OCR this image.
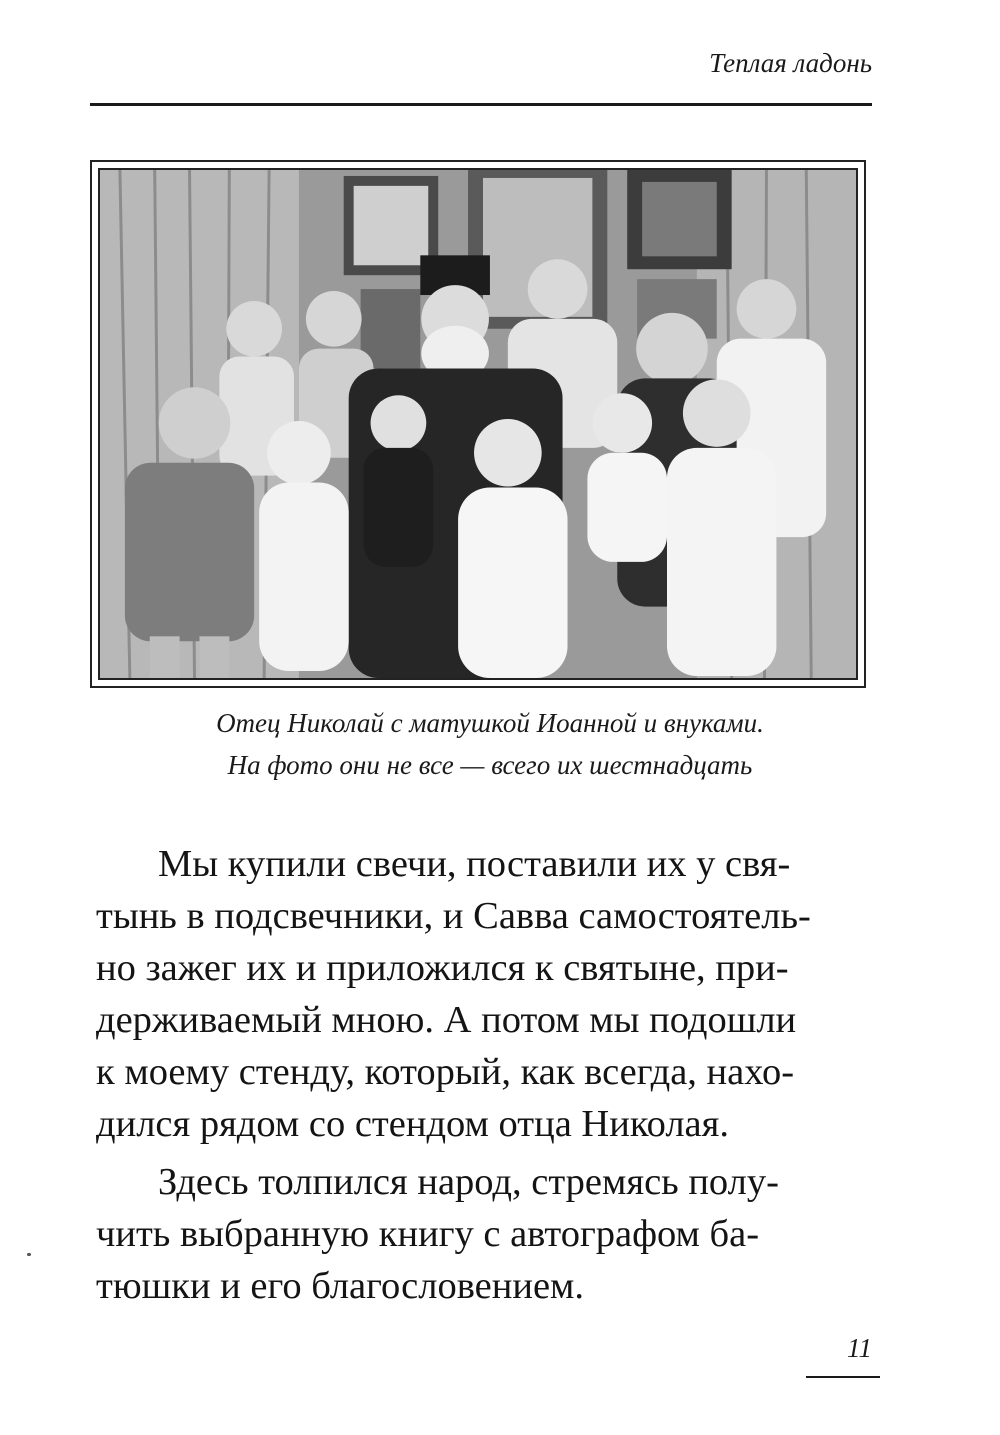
Теплая ладонь
Отец Николай с матушкой Иоанной и внуками.
На фото они не все — всего их шестнадцать
Мы купили свечи, поставили их у свя-
тынь в подсвечники, и Савва самостоятель-
но зажег их и приложился к святыне, при-
держиваемый мною. А потом мы подошли
к моему стенду, который, как всегда, нахо-
дился рядом со стендом отца Николая.
Здесь толпился народ, стремясь полу-
чить выбранную книгу с автографом ба-
тюшки и его благословением.
11
